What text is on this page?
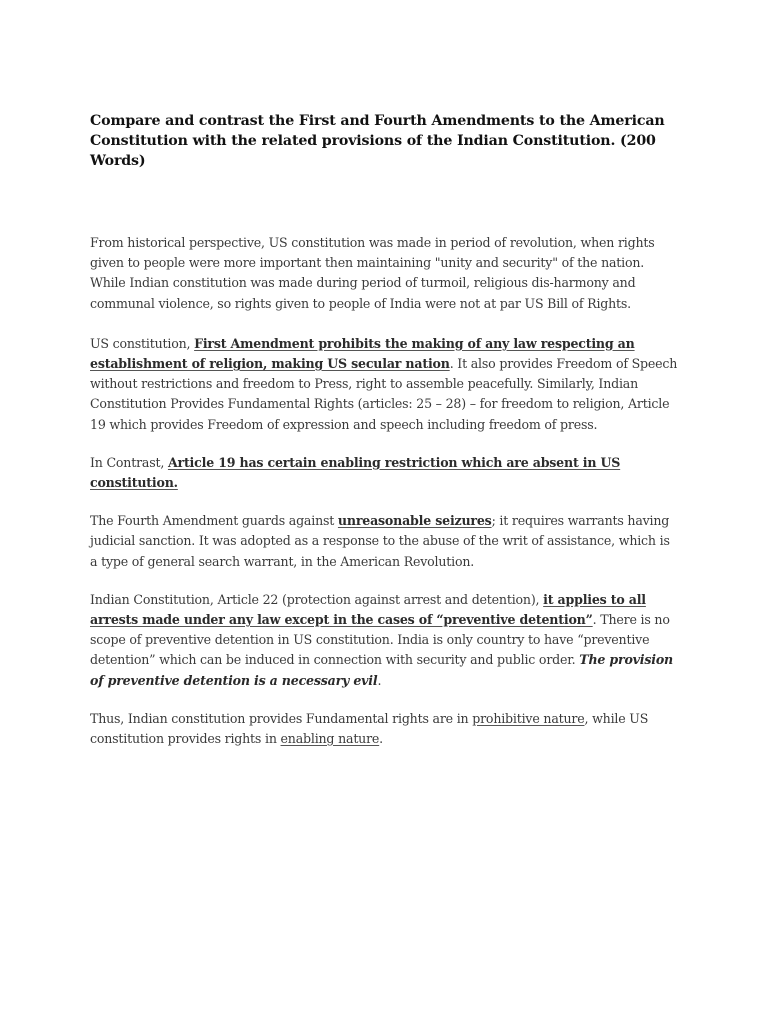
Compare and contrast the First and Fourth Amendments to the American Constitution with the related provisions of the Indian Constitution. (200 Words)

From historical perspective, US constitution was made in period of revolution, when rights given to people were more important then maintaining "unity and security" of the nation. While Indian constitution was made during period of turmoil, religious dis-harmony and communal violence, so rights given to people of India were not at par US Bill of Rights.

US constitution, First Amendment prohibits the making of any law respecting an establishment of religion, making US secular nation. It also provides Freedom of Speech without restrictions and freedom to Press, right to assemble peacefully. Similarly, Indian Constitution Provides Fundamental Rights (articles: 25 – 28) – for freedom to religion, Article 19 which provides Freedom of expression and speech including freedom of press.

In Contrast, Article 19 has certain enabling restriction which are absent in US constitution.

The Fourth Amendment guards against unreasonable seizures; it requires warrants having judicial sanction. It was adopted as a response to the abuse of the writ of assistance, which is a type of general search warrant, in the American Revolution.

Indian Constitution, Article 22 (protection against arrest and detention), it applies to all arrests made under any law except in the cases of “preventive detention”. There is no scope of preventive detention in US constitution. India is only country to have “preventive detention” which can be induced in connection with security and public order. The provision of preventive detention is a necessary evil.

Thus, Indian constitution provides Fundamental rights are in prohibitive nature, while US constitution provides rights in enabling nature.
